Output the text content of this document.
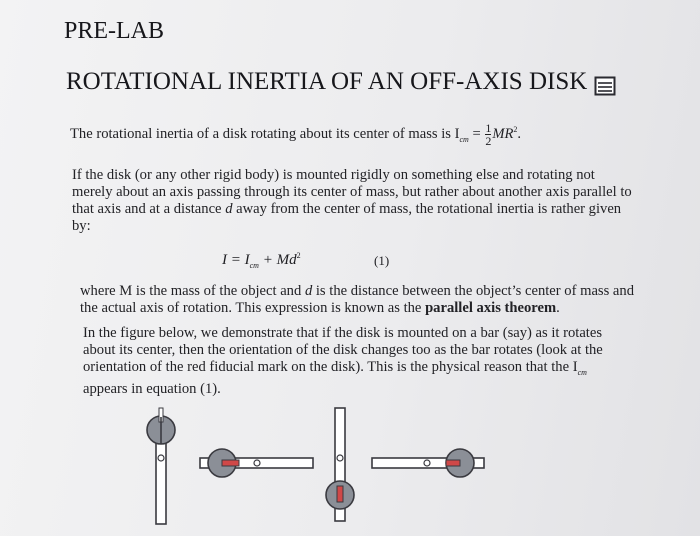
PRE-LAB
ROTATIONAL INERTIA OF AN OFF-AXIS DISK

The rotational inertia of a disk rotating about its center of mass is $I_{cm} = \frac{1}{2} MR^2$.

If the disk (or any other rigid body) is mounted rigidly on something else and rotating not merely about an axis passing through its center of mass, but rather about another axis parallel to that axis and at a distance d away from the center of mass, the rotational inertia is rather given by:

$I = I_{cm} + Md^2$	(1)

where M is the mass of the object and d is the distance between the object’s center of mass and the actual axis of rotation. This expression is known as the parallel axis theorem.

In the figure below, we demonstrate that if the disk is mounted on a bar (say) as it rotates about its center, then the orientation of the disk changes too as the bar rotates (look at the orientation of the red fiducial mark on the disk). This is the physical reason that the $I_{cm}$ appears in equation (1).
